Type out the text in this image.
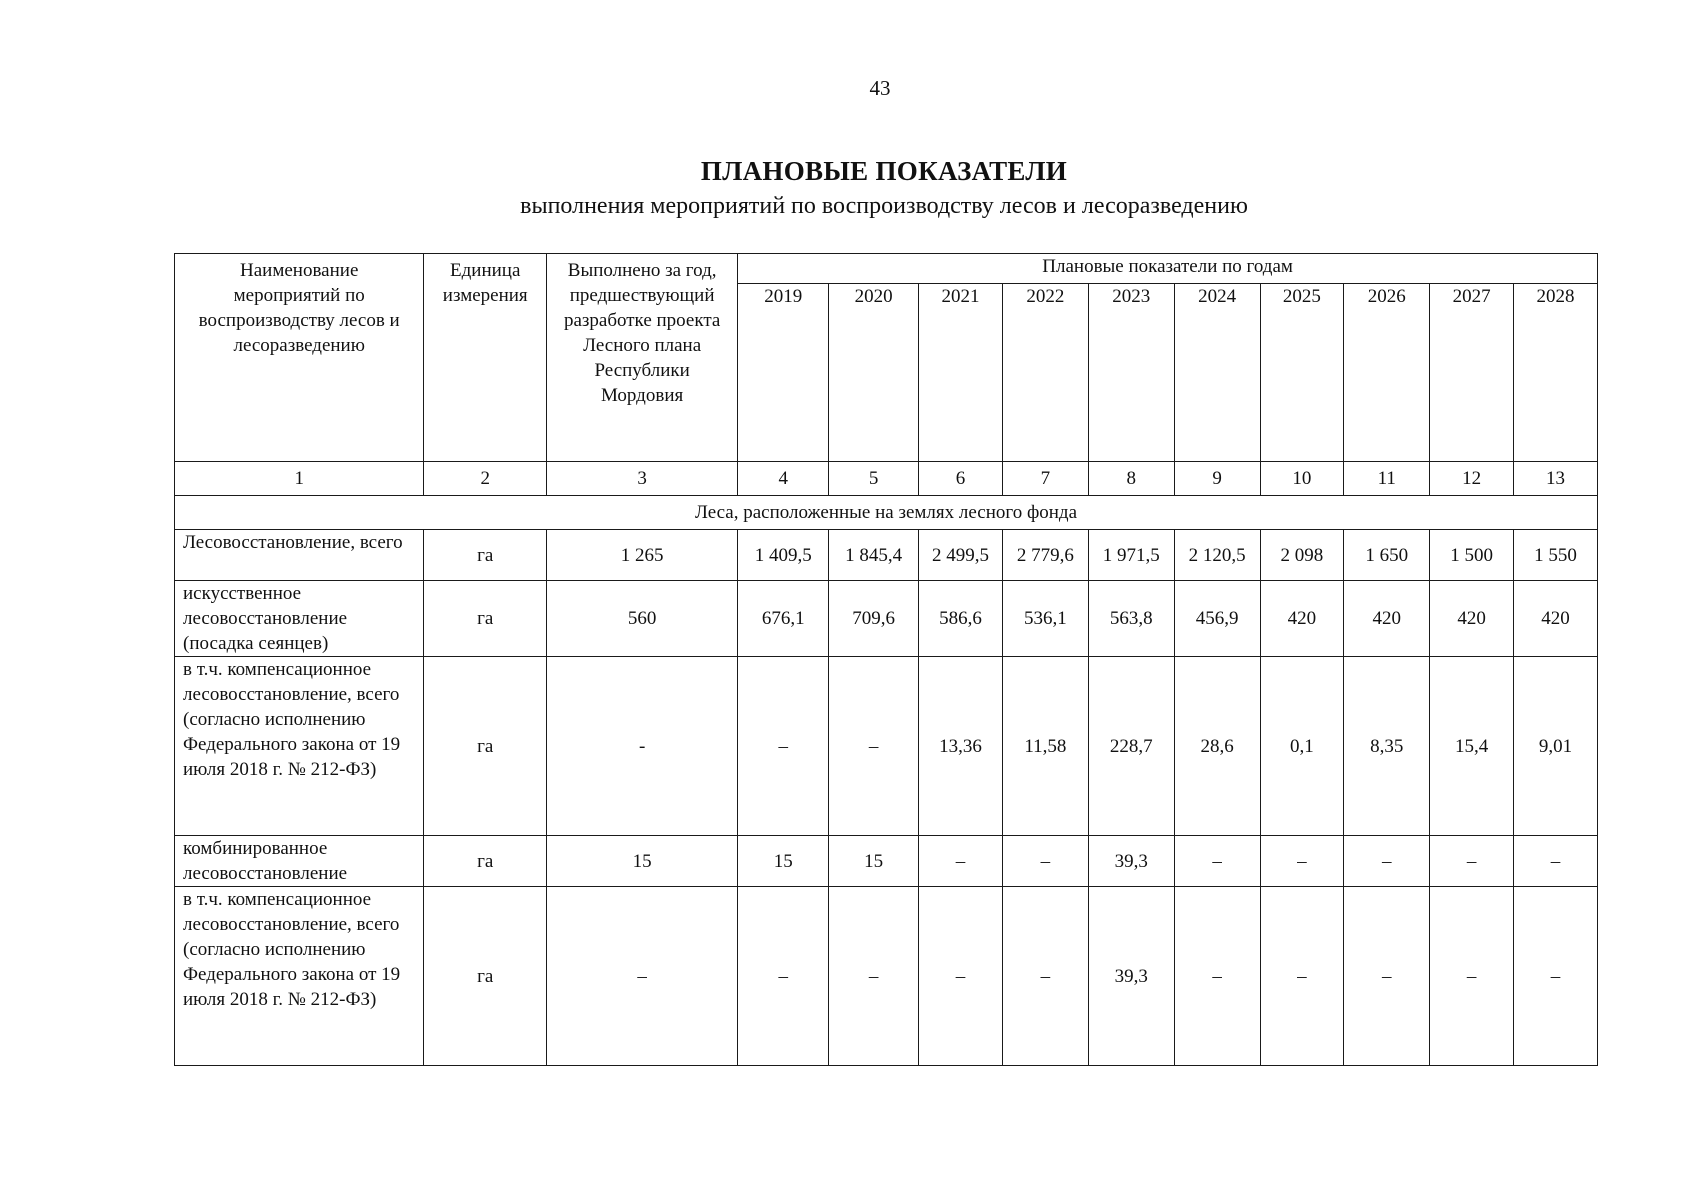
43
ПЛАНОВЫЕ ПОКАЗАТЕЛИ
выполнения мероприятий по воспроизводству лесов и лесоразведению
Наименование мероприятий по воспроизводству лесов и лесоразведению	Единица измерения	Выполнено за год, предшествующий разработке проекта Лесного плана Республики Мордовия	Плановые показатели по годам									
			2019	2020	2021	2022	2023	2024	2025	2026	2027	2028
1	2	3	4	5	6	7	8	9	10	11	12	13
Леса, расположенные на землях лесного фонда												
Лесовосстановление, всего	га	1 265	1 409,5	1 845,4	2 499,5	2 779,6	1 971,5	2 120,5	2 098	1 650	1 500	1 550
искусственное лесовосстановление (посадка сеянцев)	га	560	676,1	709,6	586,6	536,1	563,8	456,9	420	420	420	420
в т.ч. компенсационное лесовосстановление, всего (согласно исполнению Федерального закона от 19 июля 2018 г. № 212-ФЗ)	га	-	–	–	13,36	11,58	228,7	28,6	0,1	8,35	15,4	9,01
комбинированное лесовосстановление	га	15	15	15	–	–	39,3	–	–	–	–	–
в т.ч. компенсационное лесовосстановление, всего (согласно исполнению Федерального закона от 19 июля 2018 г. № 212-ФЗ)	га	–	–	–	–	–	39,3	–	–	–	–	–
